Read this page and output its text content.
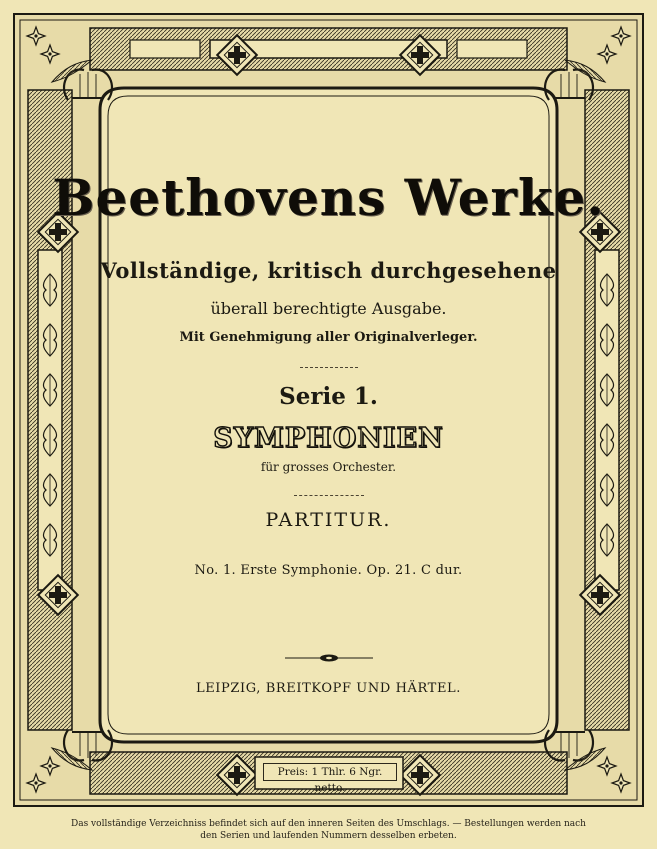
Beethovens Werke.
Vollständige, kritisch durchgesehene
überall berechtigte Ausgabe.
Mit Genehmigung aller Originalverleger.
Serie 1.
SYMPHONIEN
für grosses Orchester.
PARTITUR.
No. 1. Erste Symphonie. Op. 21. C dur.
LEIPZIG, BREITKOPF UND HÄRTEL.
Preis: 1 Thlr. 6 Ngr. netto.
Das vollständige Verzeichniss befindet sich auf den inneren Seiten des Umschlags. — Bestellungen werden nach
den Serien und laufenden Nummern desselben erbeten.
